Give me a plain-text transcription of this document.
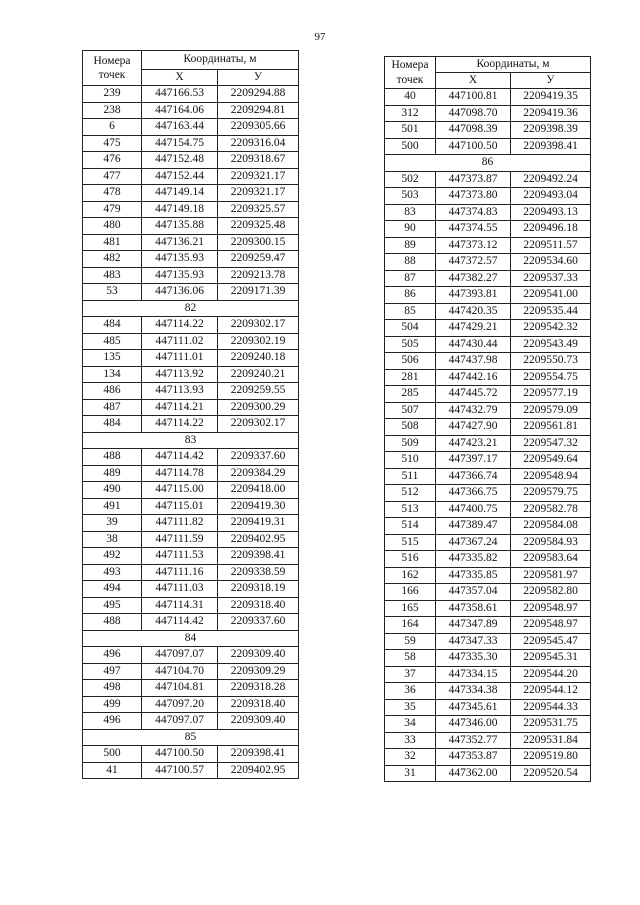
97
Номера
точек	Координаты, м	
	Х	У
239	447166.53	2209294.88
238	447164.06	2209294.81
6	447163.44	2209305.66
475	447154.75	2209316.04
476	447152.48	2209318.67
477	447152.44	2209321.17
478	447149.14	2209321.17
479	447149.18	2209325.57
480	447135.88	2209325.48
481	447136.21	2209300.15
482	447135.93	2209259.47
483	447135.93	2209213.78
53	447136.06	2209171.39
82		
484	447114.22	2209302.17
485	447111.02	2209302.19
135	447111.01	2209240.18
134	447113.92	2209240.21
486	447113.93	2209259.55
487	447114.21	2209300.29
484	447114.22	2209302.17
83		
488	447114.42	2209337.60
489	447114.78	2209384.29
490	447115.00	2209418.00
491	447115.01	2209419.30
39	447111.82	2209419.31
38	447111.59	2209402.95
492	447111.53	2209398.41
493	447111.16	2209338.59
494	447111.03	2209318.19
495	447114.31	2209318.40
488	447114.42	2209337.60
84		
496	447097.07	2209309.40
497	447104.70	2209309.29
498	447104.81	2209318.28
499	447097.20	2209318.40
496	447097.07	2209309.40
85		
500	447100.50	2209398.41
41	447100.57	2209402.95
Номера
точек	Координаты, м	
	Х	У
40	447100.81	2209419.35
312	447098.70	2209419.36
501	447098.39	2209398.39
500	447100.50	2209398.41
86		
502	447373.87	2209492.24
503	447373.80	2209493.04
83	447374.83	2209493.13
90	447374.55	2209496.18
89	447373.12	2209511.57
88	447372.57	2209534.60
87	447382.27	2209537.33
86	447393.81	2209541.00
85	447420.35	2209535.44
504	447429.21	2209542.32
505	447430.44	2209543.49
506	447437.98	2209550.73
281	447442.16	2209554.75
285	447445.72	2209577.19
507	447432.79	2209579.09
508	447427.90	2209561.81
509	447423.21	2209547.32
510	447397.17	2209549.64
511	447366.74	2209548.94
512	447366.75	2209579.75
513	447400.75	2209582.78
514	447389.47	2209584.08
515	447367.24	2209584.93
516	447335.82	2209583.64
162	447335.85	2209581.97
166	447357.04	2209582.80
165	447358.61	2209548.97
164	447347.89	2209548.97
59	447347.33	2209545.47
58	447335.30	2209545.31
37	447334.15	2209544.20
36	447334.38	2209544.12
35	447345.61	2209544.33
34	447346.00	2209531.75
33	447352.77	2209531.84
32	447353.87	2209519.80
31	447362.00	2209520.54
